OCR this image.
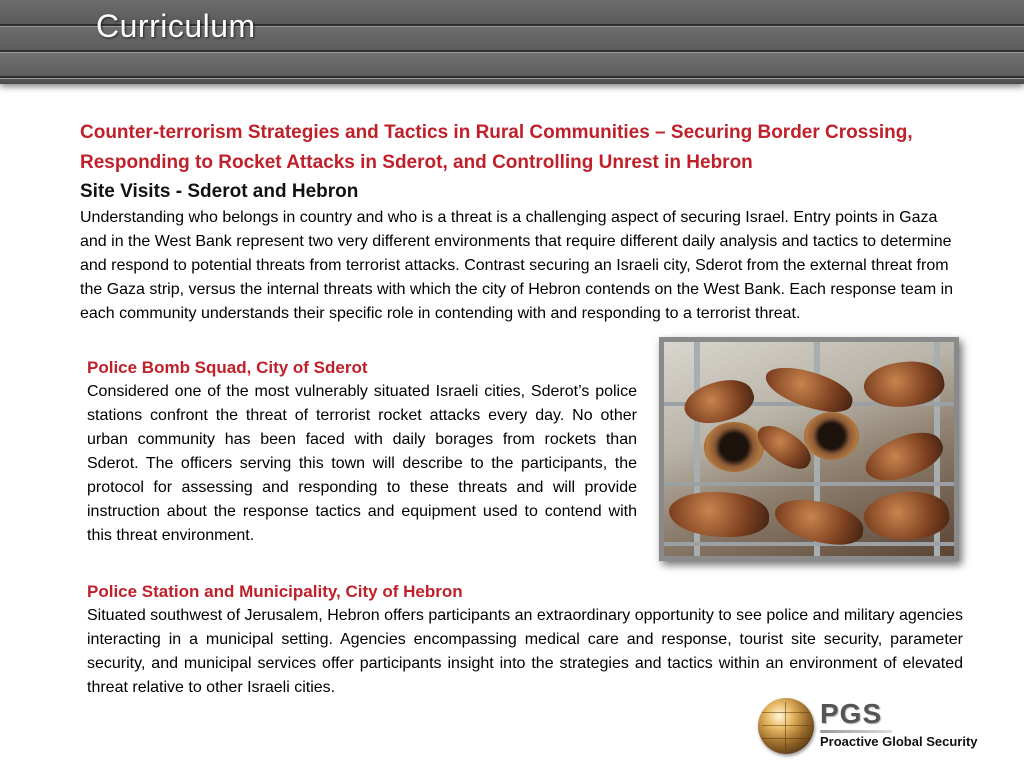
Curriculum

Counter-terrorism Strategies and Tactics in Rural Communities – Securing Border Crossing, Responding to Rocket Attacks in Sderot, and Controlling Unrest in Hebron

Site Visits - Sderot and Hebron

Understanding who belongs in country and who is a threat is a challenging aspect of securing Israel. Entry points in Gaza and in the West Bank represent two very different environments that require different daily analysis and tactics to determine and respond to potential threats from terrorist attacks. Contrast securing an Israeli city, Sderot from the external threat from the Gaza strip, versus the internal threats with which the city of Hebron contends on the West Bank. Each response team in each community understands their specific role in contending with and responding to a terrorist threat.

Police Bomb Squad, City of Sderot

Considered one of the most vulnerably situated Israeli cities, Sderot’s police stations confront the threat of terrorist rocket attacks every day. No other urban community has been faced with daily borages from rockets than Sderot. The officers serving this town will describe to the participants, the protocol for assessing and responding to these threats and will provide instruction about the response tactics and equipment used to contend with this threat environment.

Police Station and Municipality, City of Hebron

Situated southwest of Jerusalem, Hebron offers participants an extraordinary opportunity to see police and military agencies interacting in a municipal setting. Agencies encompassing medical care and response, tourist site security, parameter security, and municipal services offer participants insight into the strategies and tactics within an environment of elevated threat relative to other Israeli cities.

PGS
Proactive Global Security
